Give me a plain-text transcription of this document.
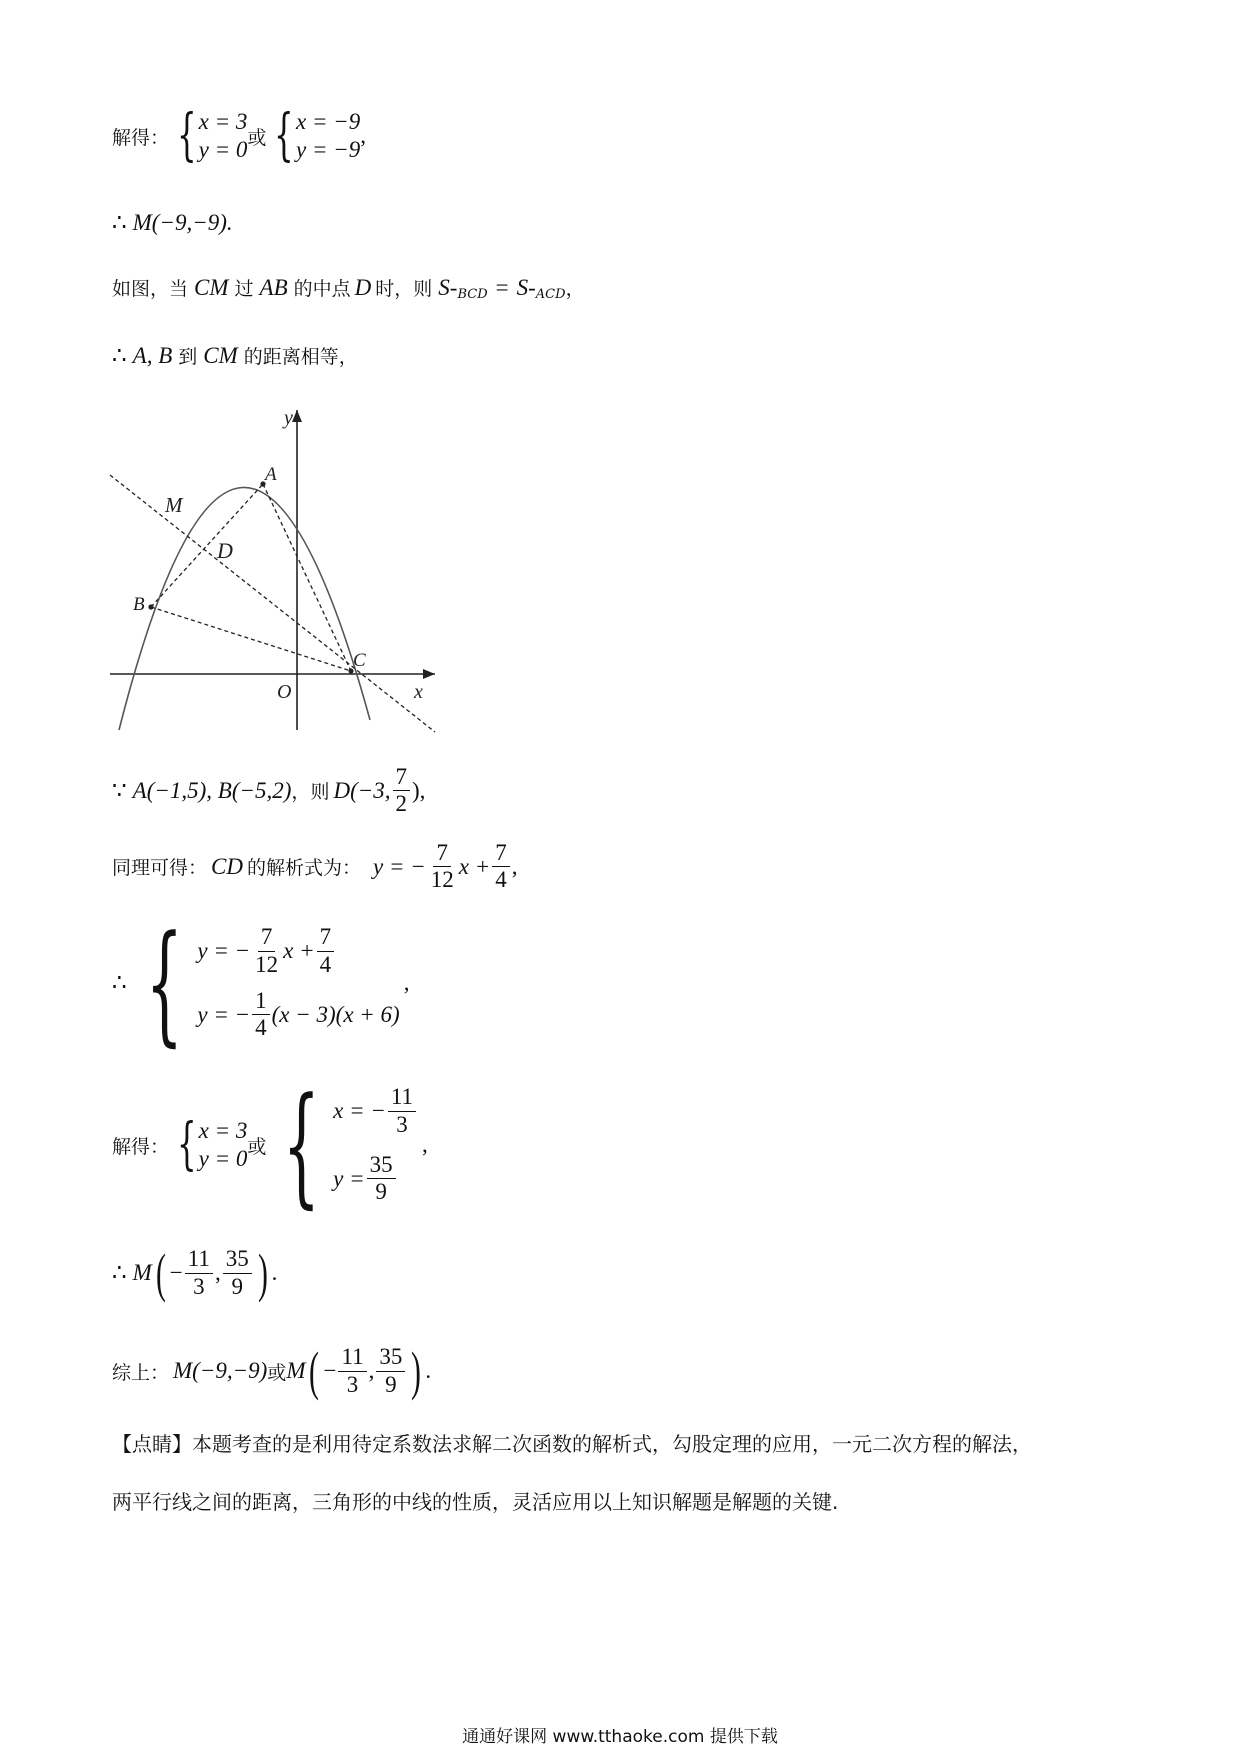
解得： { x = 3
y = 0 或 { x = −9
y = −9
,
∴ M(−9,−9).
如图，当 CM 过 AB 的中点 D 时，则 S - BCD = S - ACD ，
∴ A, B 到 CM 的距离相等，
y
x
O
A
B
C
D
M
∵ A(−1,5), B(−5,2) ， 则 D(−3, $\frac{7}{2}$ ),
同理可得： CD 的解析式为： y = − $\frac{7}{12}$ $x + \frac{7}{4}$ ,
∴ { y = − $\frac{7}{12}$ $x + \frac{7}{4}$
y = − $\frac{1}{4} (x - 3)(x + 6)$
,
解得： { x = 3
y = 0 或 { x = − $\frac{11}{3}$
$y = \frac{35}{9}$
,
∴ M ( − $\frac{11}{3}$ , $\frac{35}{9}$ ) .
综上： M(−9,−9) 或 M ( − $\frac{11}{3}$ , $\frac{35}{9}$ ) .
【点睛】本题考查的是利用待定系数法求解二次函数的解析式，勾股定理的应用，一元二次方程的解法，
两平行线之间的距离，三角形的中线的性质，灵活应用以上知识解题是解题的关键.
通通好课网 www.tthaoke.com 提供下载
